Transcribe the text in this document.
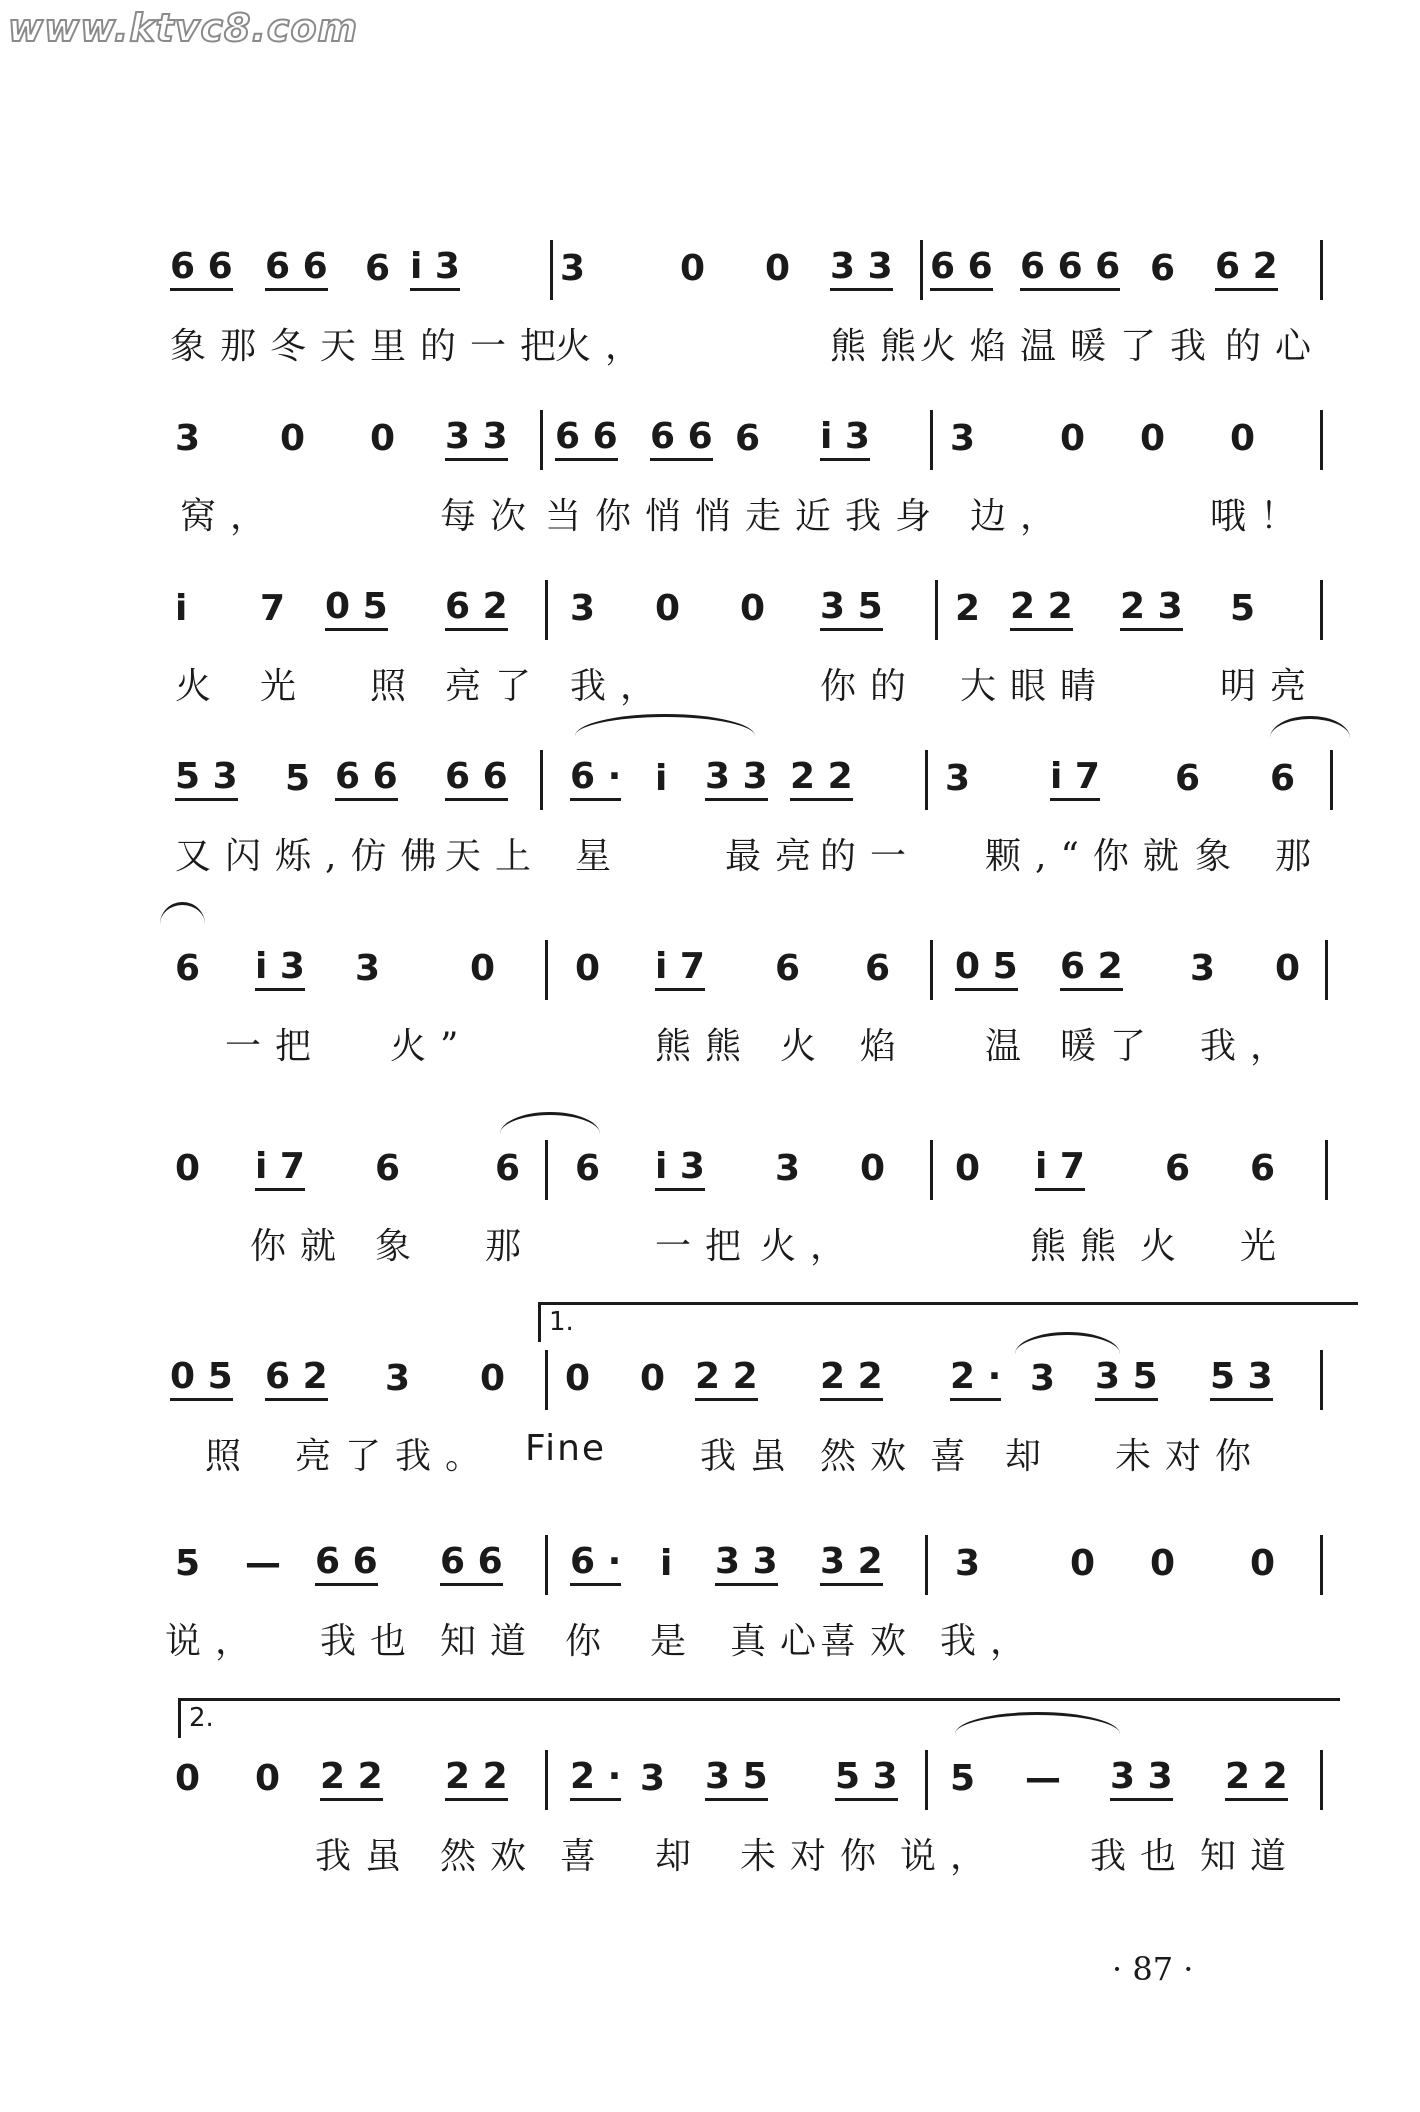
www.ktvc8.com
6 6 6 6 6 i 3	3	0 0 3 3 6 6 6 6 6 6 6 2
象那冬天里的一把
火，	熊熊
火焰温暖了我 的心
3 0 0 3 3 6 6 6 6 6 i 3 3 0 0 0
窝，	每次 当你悄悄走近我身 边，	哦！
i 7 0 5 6 2 3 0 0 3 5 2 2 2 2 3 5
火 光 照 亮了 我，	你的 大眼睛	明亮
5 3 5 6 6 6 6 6 · i 3 3 2 2	3 i 7 6 6
又闪烁,仿佛
天上 星	最亮
的一 颗,“你就 象 那
6 i 3 3 0 0 i 7 6 6 0 5 6 2 3 0
一把 火”	熊熊 火 焰 温 暖了 我，
0 i 7 6	6 6 i 3 3 0 0 i 7 6 6
你就 象 那	一把 火，	熊熊 火 光
0 5 6 2 3 0 0 0 2 2 2 2 2 · 3 3 5 5 3
照 亮了 我。	我虽 然欢 喜 却 未对你
5 — 6 6 6 6 6 · i 3 3 3 2 3 0 0 0
说， 我也 知道 你 是 真心
喜欢 我，
0 0 2 2 2 2 2 · 3 3 5 5 3 5 — 3 3 2 2
我虽 然欢 喜 却 未对你 说， 我也 知道
Fine
1.
2.
· 87 ·
